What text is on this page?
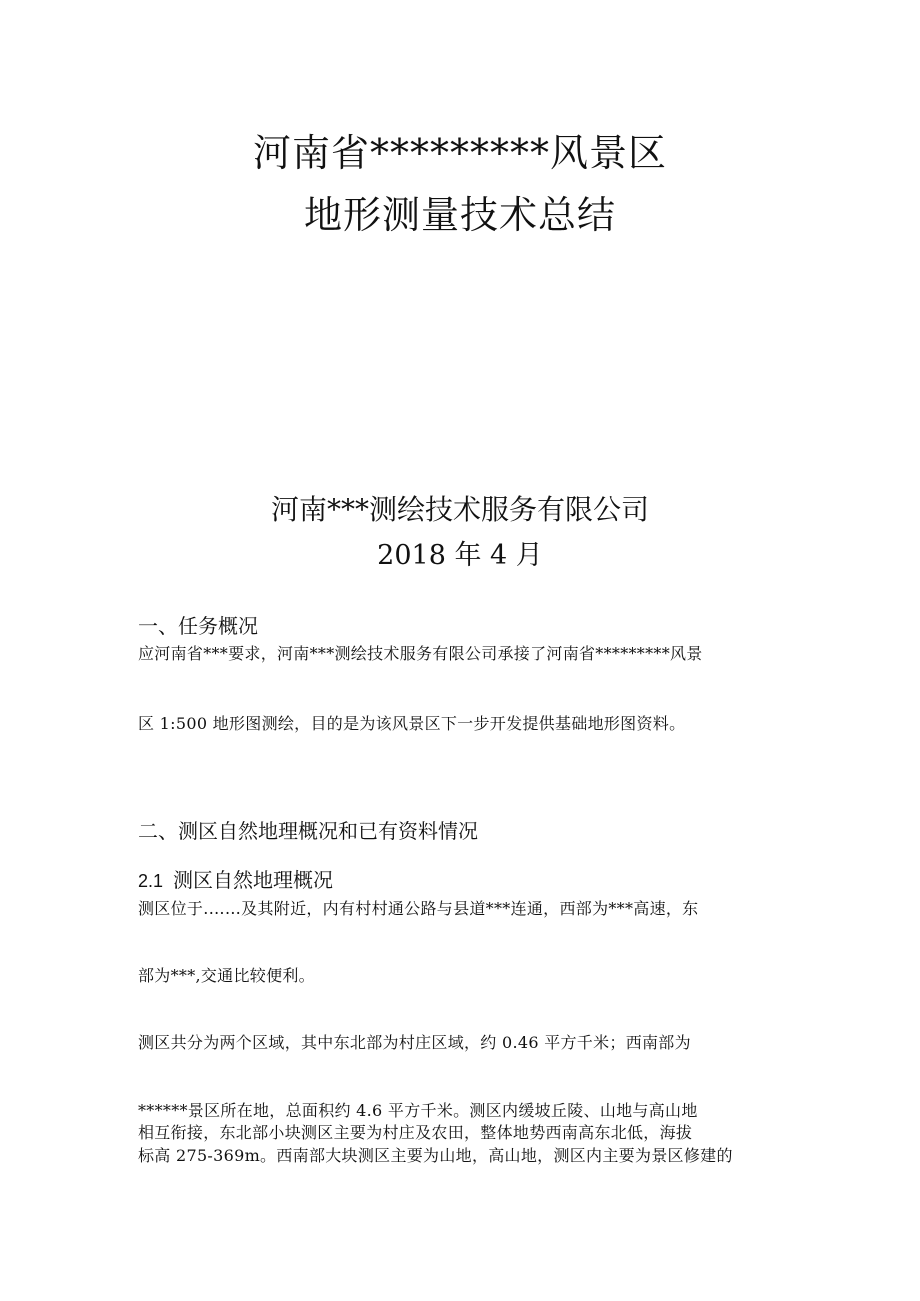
河南省*********风景区
地形测量技术总结
河南***测绘技术服务有限公司
2018 年 4 月
一、任务概况
应河南省***要求，河南***测绘技术服务有限公司承接了河南省*********风景
区 1:500 地形图测绘，目的是为该风景区下一步开发提供基础地形图资料。
二、测区自然地理概况和已有资料情况
2.1 测区自然地理概况
测区位于.……及其附近，内有村村通公路与县道***连通，西部为***高速，东
部为***,交通比较便利。
测区共分为两个区域，其中东北部为村庄区域，约 0.46 平方千米；西南部为
******景区所在地，总面积约 4.6 平方千米。测区内缓坡丘陵、山地与高山地
相互衔接，东北部小块测区主要为村庄及农田，整体地势西南高东北低，海拔
标高 275-369m。西南部大块测区主要为山地，高山地，测区内主要为景区修建的
